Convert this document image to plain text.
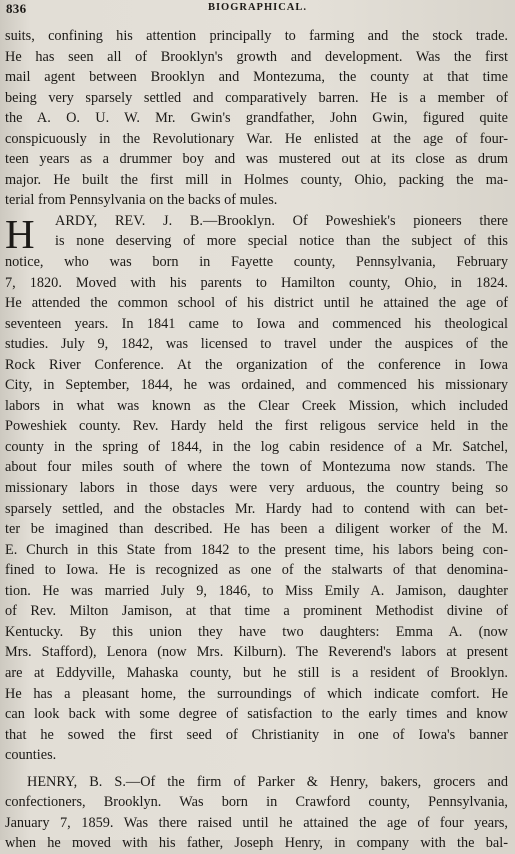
836	BIOGRAPHICAL.
suits, confining his attention principally to farming and the stock trade.
He has seen all of Brooklyn's growth and development. Was the first
mail agent between Brooklyn and Montezuma, the county at that time
being very sparsely settled and comparatively barren. He is a member of
the A. O. U. W. Mr. Gwin's grandfather, John Gwin, figured quite
conspicuously in the Revolutionary War. He enlisted at the age of four-
teen years as a drummer boy and was mustered out at its close as drum
major. He built the first mill in Holmes county, Ohio, packing the ma-
terial from Pennsylvania on the backs of mules.
H	ARDY, REV. J. B.—Brooklyn. Of Poweshiek's pioneers there
is none deserving of more special notice than the subject of this
notice, who was born in Fayette county, Pennsylvania, February
7, 1820. Moved with his parents to Hamilton county, Ohio, in 1824.
He attended the common school of his district until he attained the age of
seventeen years. In 1841 came to Iowa and commenced his theological
studies. July 9, 1842, was licensed to travel under the auspices of the
Rock River Conference. At the organization of the conference in Iowa
City, in September, 1844, he was ordained, and commenced his missionary
labors in what was known as the Clear Creek Mission, which included
Poweshiek county. Rev. Hardy held the first religous service held in the
county in the spring of 1844, in the log cabin residence of a Mr. Satchel,
about four miles south of where the town of Montezuma now stands. The
missionary labors in those days were very arduous, the country being so
sparsely settled, and the obstacles Mr. Hardy had to contend with can bet-
ter be imagined than described. He has been a diligent worker of the M.
E. Church in this State from 1842 to the present time, his labors being con-
fined to Iowa. He is recognized as one of the stalwarts of that denomina-
tion. He was married July 9, 1846, to Miss Emily A. Jamison, daughter
of Rev. Milton Jamison, at that time a prominent Methodist divine of
Kentucky. By this union they have two daughters: Emma A. (now
Mrs. Stafford), Lenora (now Mrs. Kilburn). The Reverend's labors at present
are at Eddyville, Mahaska county, but he still is a resident of Brooklyn.
He has a pleasant home, the surroundings of which indicate comfort. He
can look back with some degree of satisfaction to the early times and know
that he sowed the first seed of Christianity in one of Iowa's banner
counties.
HENRY, B. S.—Of the firm of Parker & Henry, bakers, grocers and
confectioners, Brooklyn. Was born in Crawford county, Pennsylvania,
January 7, 1859. Was there raised until he attained the age of four years,
when he moved with his father, Joseph Henry, in company with the bal-
